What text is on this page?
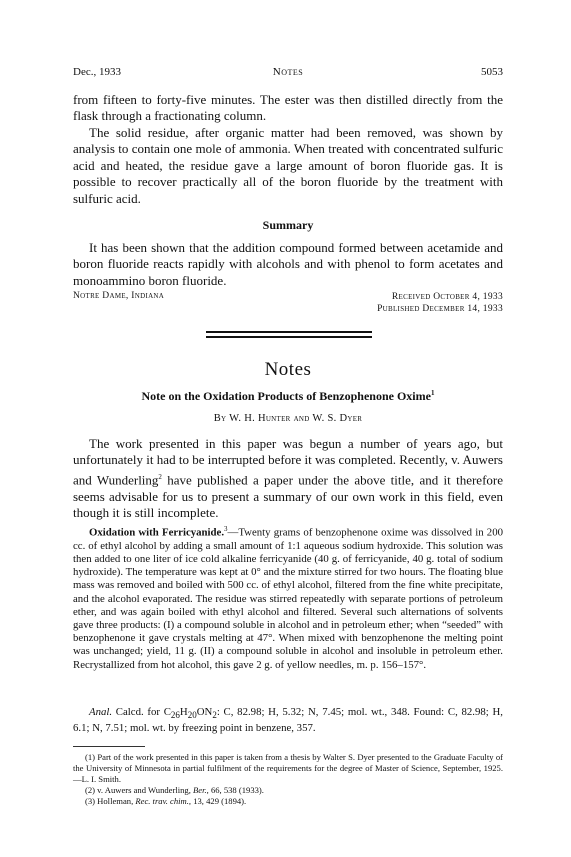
Dec., 1933	Notes	5053

from fifteen to forty-five minutes. The ester was then distilled directly from the flask through a fractionating column.

The solid residue, after organic matter had been removed, was shown by analysis to contain one mole of ammonia. When treated with concentrated sulfuric acid and heated, the residue gave a large amount of boron fluoride gas. It is possible to recover practically all of the boron fluoride by the treatment with sulfuric acid.

Summary

It has been shown that the addition compound formed between acetamide and boron fluoride reacts rapidly with alcohols and with phenol to form acetates and monoammino boron fluoride.

Notre Dame, Indiana	Received October 4, 1933
Published December 14, 1933
Notes
Note on the Oxidation Products of Benzophenone Oxime$^1$
By W. H. Hunter and W. S. Dyer

The work presented in this paper was begun a number of years ago, but unfortunately it had to be interrupted before it was completed. Recently, v. Auwers and Wunderling$^2$ have published a paper under the above title, and it therefore seems advisable for us to present a summary of our own work in this field, even though it is still incomplete.

Oxidation with Ferricyanide.$^3$—Twenty grams of benzophenone oxime was dissolved in 200 cc. of ethyl alcohol by adding a small amount of 1:1 aqueous sodium hydroxide. This solution was then added to one liter of ice cold alkaline ferricyanide (40 g. of ferricyanide, 40 g. total of sodium hydroxide). The temperature was kept at 0° and the mixture stirred for two hours. The floating blue mass was removed and boiled with 500 cc. of ethyl alcohol, filtered from the fine white precipitate, and the alcohol evaporated. The residue was stirred repeatedly with separate portions of petroleum ether, and was again boiled with ethyl alcohol and filtered. Several such alternations of solvents gave three products: (I) a compound soluble in alcohol and in petroleum ether; when “seeded” with benzophenone it gave crystals melting at 47°. When mixed with benzophenone the melting point was unchanged; yield, 11 g. (II) a compound soluble in alcohol and insoluble in petroleum ether. Recrystallized from hot alcohol, this gave 2 g. of yellow needles, m. p. 156–157°.

Anal. Calcd. for $C_{26}H_{20}ON_2$: C, 82.98; H, 5.32; N, 7.45; mol. wt., 348. Found: C, 82.98; H, 6.1; N, 7.51; mol. wt. by freezing point in benzene, 357.

(1) Part of the work presented in this paper is taken from a thesis by Walter S. Dyer presented to the Graduate Faculty of the University of Minnesota in partial fulfilment of the requirements for the degree of Master of Science, September, 1925.—L. I. Smith.

(2) v. Auwers and Wunderling, Ber., 66, 538 (1933).

(3) Holleman, Rec. trav. chim., 13, 429 (1894).
